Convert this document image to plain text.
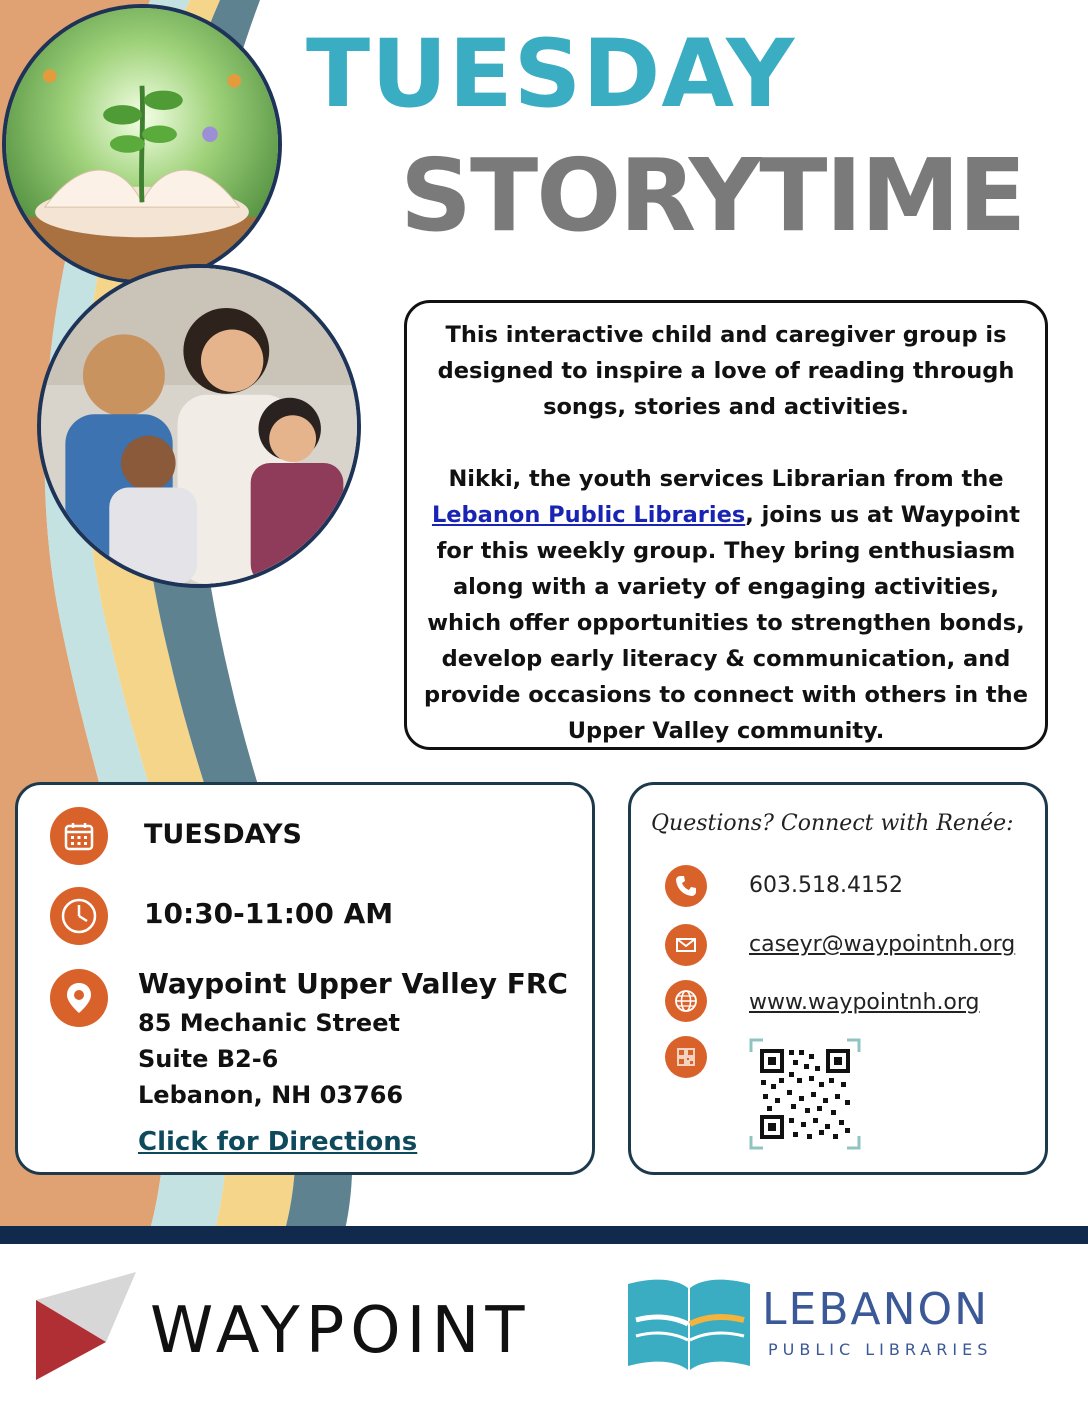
TUESDAY
STORYTIME

This interactive child and caregiver group is designed to inspire a love of reading through songs, stories and activities.

Nikki, the youth services Librarian from the Lebanon Public Libraries, joins us at Waypoint for this weekly group. They bring enthusiasm along with a variety of engaging activities, which offer opportunities to strengthen bonds, develop early literacy & communication, and provide occasions to connect with others in the Upper Valley community.

TUESDAYS
10:30-11:00 AM
Waypoint Upper Valley FRC
85 Mechanic Street
Suite B2-6
Lebanon, NH 03766
Click for Directions
Questions? Connect with Renée:
603.518.4152
caseyr@waypointnh.org
www.waypointnh.org
WAYPOINT	LEBANON
PUBLIC LIBRARIES
